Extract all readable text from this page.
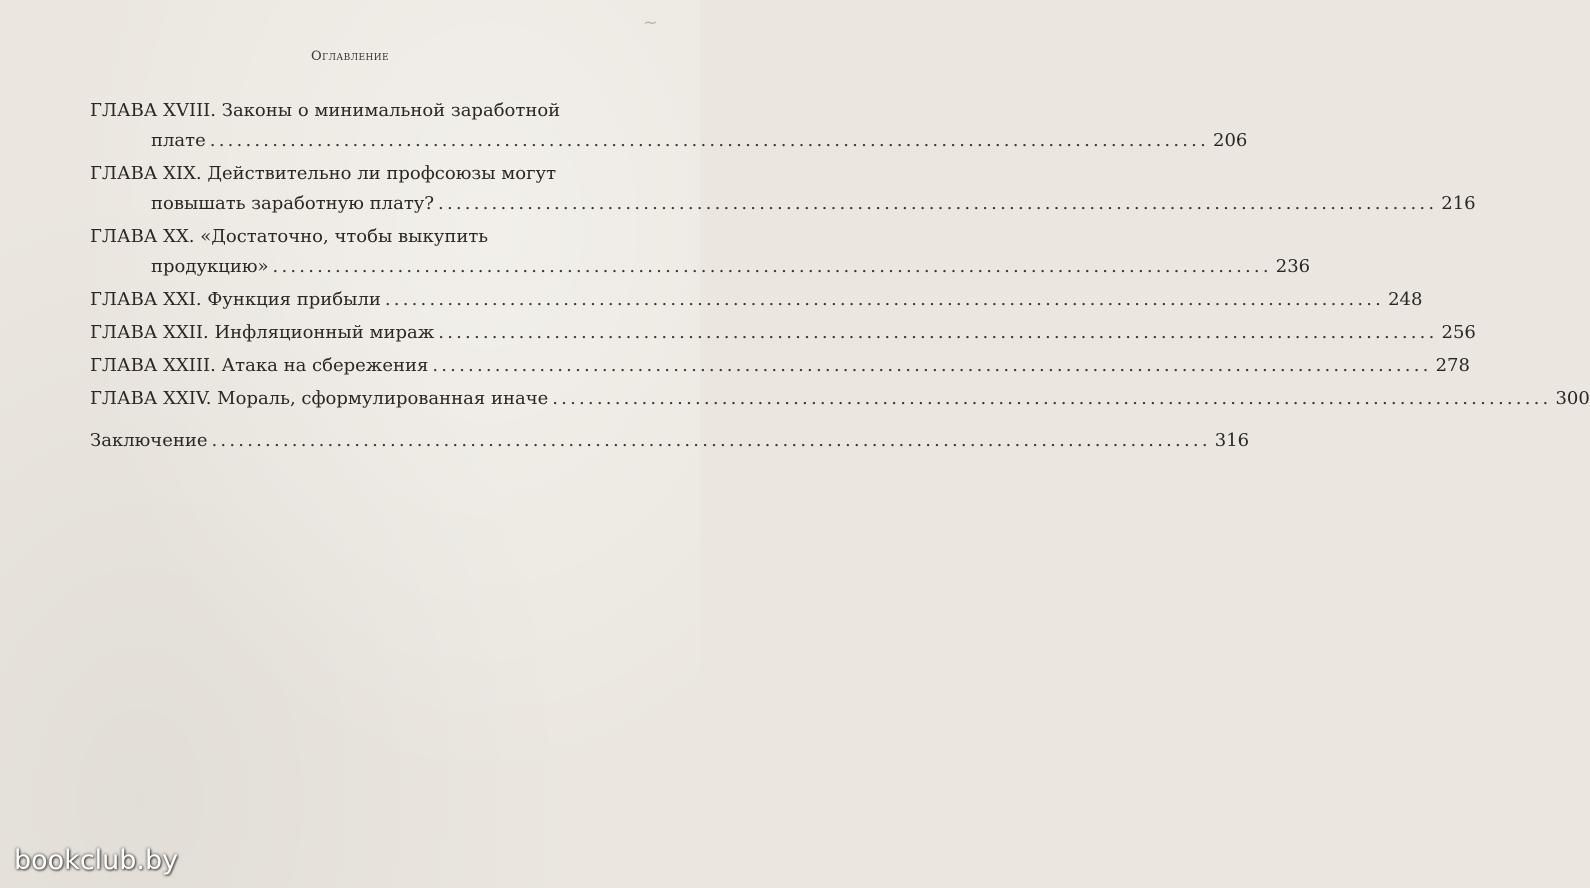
~
Оглавление
ГЛАВА XVIII. Законы о минимальной заработной
плате ................................................................................................................ 206
ГЛАВА XIX. Действительно ли профсоюзы могут
повышать заработную плату? ................................................................................................................ 216
ГЛАВА XX. «Достаточно, чтобы выкупить
продукцию» ................................................................................................................ 236
ГЛАВА XXI. Функция прибыли ................................................................................................................ 248
ГЛАВА XXII. Инфляционный мираж ................................................................................................................ 256
ГЛАВА XXIII. Атака на сбережения ................................................................................................................ 278
ГЛАВА XXIV. Мораль, сформулированная иначе ................................................................................................................ 300
Заключение ................................................................................................................ 316
bookclub.by
